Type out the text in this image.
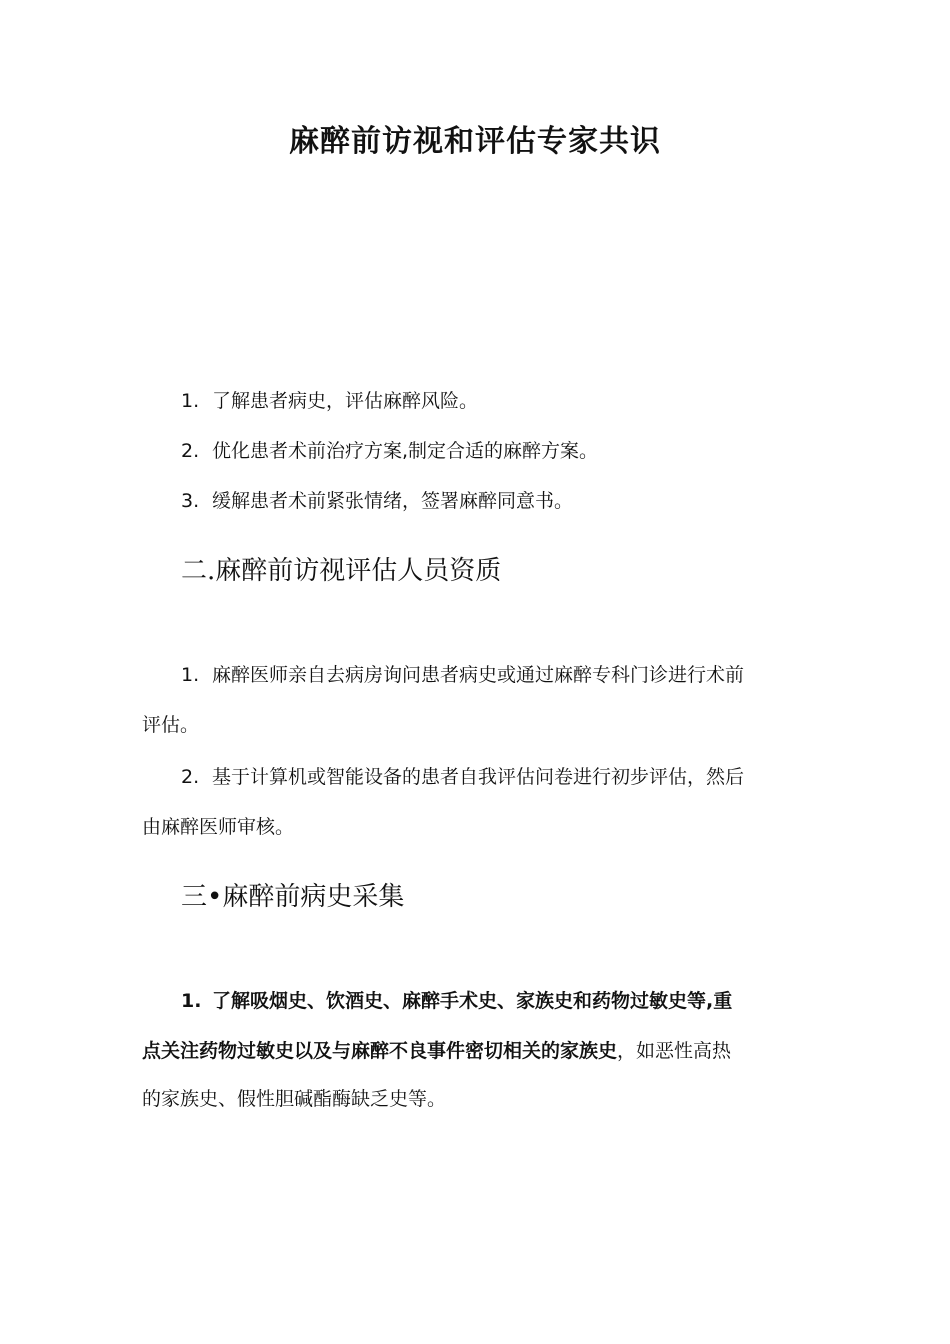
麻醉前访视和评估专家共识
1. 了解患者病史，评估麻醉风险。
2. 优化患者术前治疗方案,制定合适的麻醉方案。
3. 缓解患者术前紧张情绪，签署麻醉同意书。
二.麻醉前访视评估人员资质
1. 麻醉医师亲自去病房询问患者病史或通过麻醉专科门诊进行术前
评估。
2. 基于计算机或智能设备的患者自我评估问卷进行初步评估，然后
由麻醉医师审核。
三•麻醉前病史采集
1. 了解吸烟史、饮酒史、麻醉手术史、家族史和药物过敏史等,重
点关注药物过敏史以及与麻醉不良事件密切相关的家族史，如恶性高热
的家族史、假性胆碱酯酶缺乏史等。
